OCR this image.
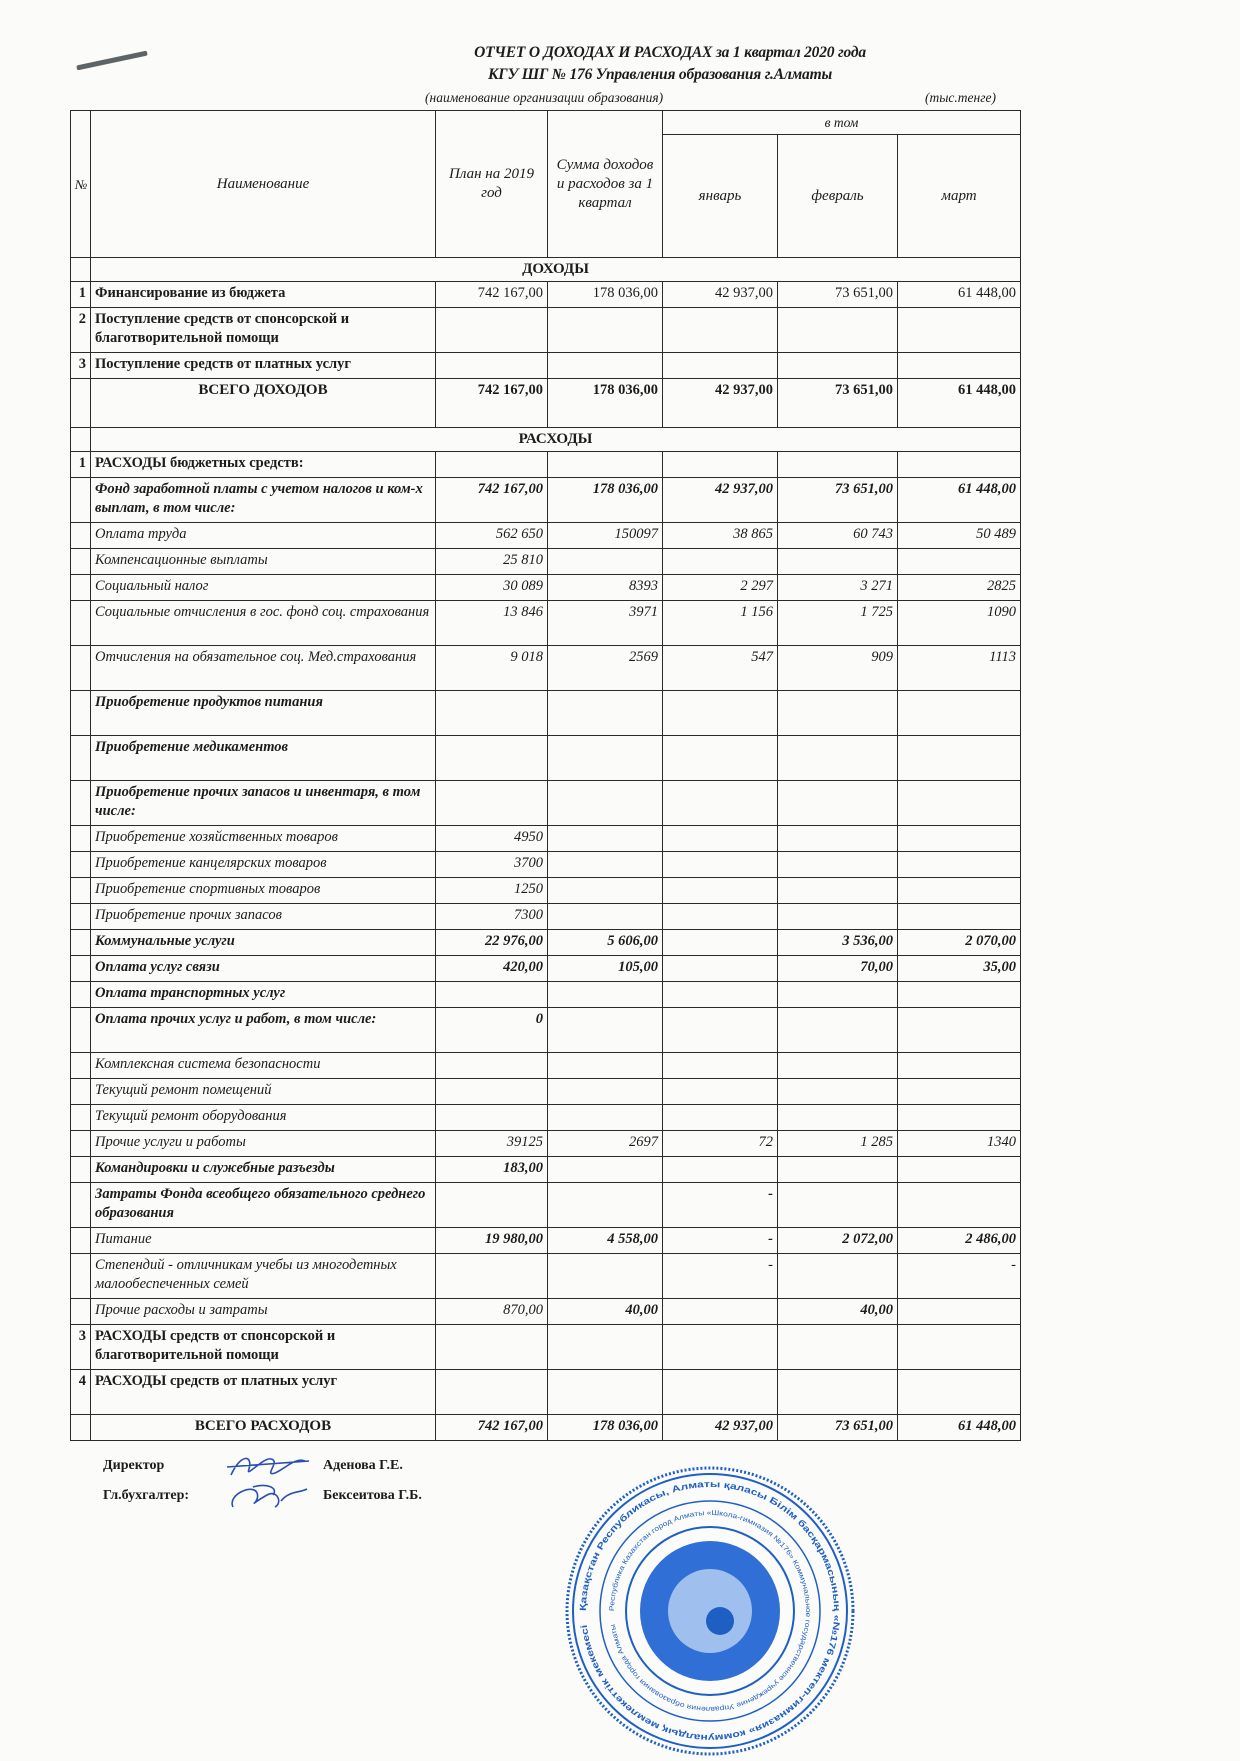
ОТЧЕТ О ДОХОДАХ И РАСХОДАХ за 1 квартал 2020 года
КГУ ШГ № 176 Управления образования г.Алматы
(наименование организации образования)	(тыс.тенге)
№	Наименование	План на 2019 год	Сумма доходов и расходов за 1 квартал	в том		
				январь	февраль	март
	ДОХОДЫ					
1	Финансирование из бюджета	742 167,00	178 036,00	42 937,00	73 651,00	61 448,00
2	Поступление средств от спонсорской и благотворительной помощи					
3	Поступление средств от платных услуг					
	ВСЕГО ДОХОДОВ	742 167,00	178 036,00	42 937,00	73 651,00	61 448,00
	РАСХОДЫ					
1	РАСХОДЫ бюджетных средств:					
	Фонд заработной платы с учетом налогов и ком-х выплат, в том числе:	742 167,00	178 036,00	42 937,00	73 651,00	61 448,00
	Оплата труда	562 650	150097	38 865	60 743	50 489
	Компенсационные выплаты	25 810				
	Социальный налог	30 089	8393	2 297	3 271	2825
	Социальные отчисления в гос. фонд соц. страхования	13 846	3971	1 156	1 725	1090
	Отчисления на обязательное соц. Мед.страхования	9 018	2569	547	909	1113
	Приобретение продуктов питания					
	Приобретение медикаментов					
	Приобретение прочих запасов и инвентаря, в том числе:					
	Приобретение хозяйственных товаров	4950				
	Приобретение канцелярских товаров	3700				
	Приобретение спортивных товаров	1250				
	Приобретение прочих запасов	7300				
	Коммунальные услуги	22 976,00	5 606,00		3 536,00	2 070,00
	Оплата услуг связи	420,00	105,00		70,00	35,00
	Оплата транспортных услуг					
	Оплата прочих услуг и работ, в том числе:	0				
	Комплексная система безопасности					
	Текущий ремонт помещений					
	Текущий ремонт оборудования					
	Прочие услуги и работы	39125	2697	72	1 285	1340
	Командировки и служебные разъезды	183,00				
	Затраты Фонда всеобщего обязательного среднего образования			-		
	Питание	19 980,00	4 558,00	-	2 072,00	2 486,00
	Степендий - отличникам учебы из многодетных малообеспеченных семей			-		-
	Прочие расходы и затраты	870,00	40,00		40,00	
3	РАСХОДЫ средств от спонсорской и благотворительной помощи					
4	РАСХОДЫ средств от платных услуг					
	ВСЕГО РАСХОДОВ	742 167,00	178 036,00	42 937,00	73 651,00	61 448,00
Директор	Аденова Г.Е.
Гл.бухгалтер:	Бексеитова Г.Б.
Қазақстан Республикасы, Алматы қаласы Білім басқармасының «№176 мектеп-гимназия» коммуналдық мемлекеттік мекемесі
Республика Казахстан город Алматы «Школа-гимназия №176» Коммунальное государственное учреждение Управления образования города Алматы
